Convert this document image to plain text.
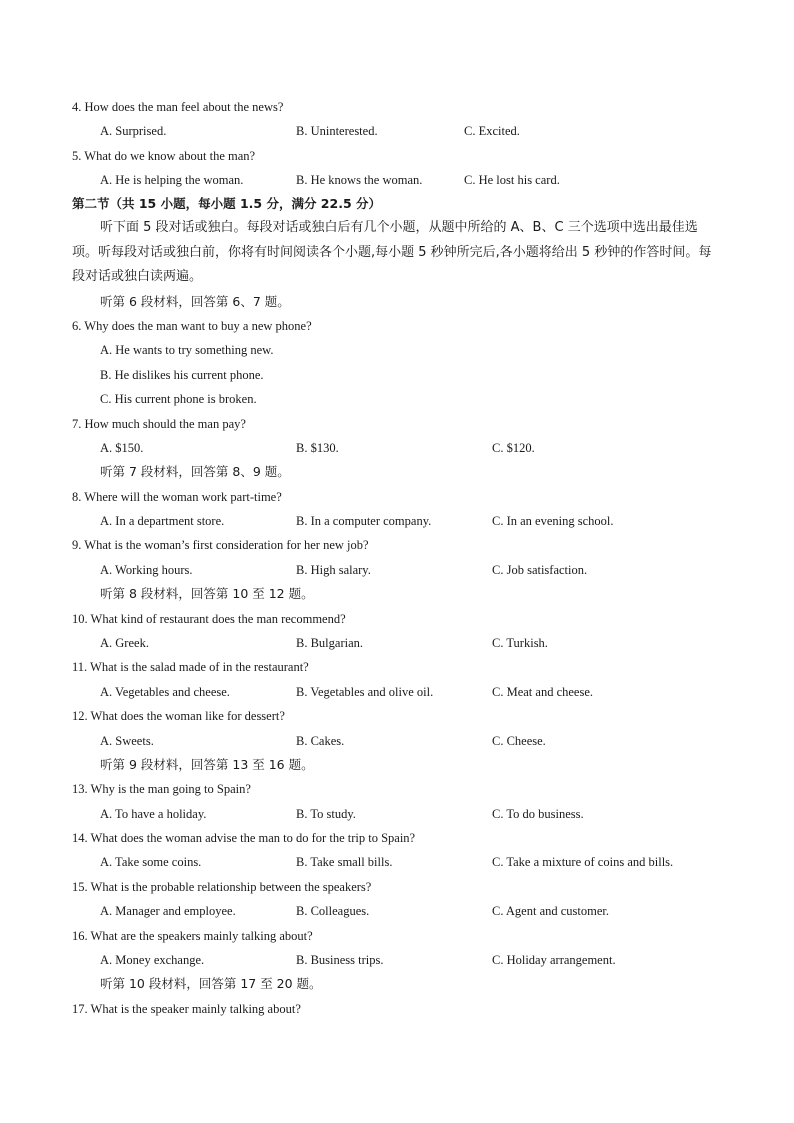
4. How does the man feel about the news?
A. Surprised.	B. Uninterested.	C. Excited.
5. What do we know about the man?
A. He is helping the woman.	B. He knows the woman.	C. He lost his card.
第二节（共 15 小题，每小题 1.5 分，满分 22.5 分）
听下面 5 段对话或独白。每段对话或独白后有几个小题，从题中所给的 A、B、C 三个选项中选出最佳选项。听每段对话或独白前，你将有时间阅读各个小题,每小题 5 秒钟所完后,各小题将给出 5 秒钟的作答时间。每段对话或独白读两遍。
听第 6 段材料，回答第 6、7 题。
6. Why does the man want to buy a new phone?
A. He wants to try something new.
B. He dislikes his current phone.
C. His current phone is broken.
7. How much should the man pay?
A. $150.	B. $130.	C. $120.
听第 7 段材料，回答第 8、9 题。
8. Where will the woman work part-time?
A. In a department store.	B. In a computer company.	C. In an evening school.
9. What is the woman’s first consideration for her new job?
A. Working hours.	B. High salary.	C. Job satisfaction.
听第 8 段材料，回答第 10 至 12 题。
10. What kind of restaurant does the man recommend?
A. Greek.	B. Bulgarian.	C. Turkish.
11. What is the salad made of in the restaurant?
A. Vegetables and cheese.	B. Vegetables and olive oil.	C. Meat and cheese.
12. What does the woman like for dessert?
A. Sweets.	B. Cakes.	C. Cheese.
听第 9 段材料，回答第 13 至 16 题。
13. Why is the man going to Spain?
A. To have a holiday.	B. To study.	C. To do business.
14. What does the woman advise the man to do for the trip to Spain?
A. Take some coins.	B. Take small bills.	C. Take a mixture of coins and bills.
15. What is the probable relationship between the speakers?
A. Manager and employee.	B. Colleagues.	C. Agent and customer.
16. What are the speakers mainly talking about?
A. Money exchange.	B. Business trips.	C. Holiday arrangement.
听第 10 段材料，回答第 17 至 20 题。
17. What is the speaker mainly talking about?
